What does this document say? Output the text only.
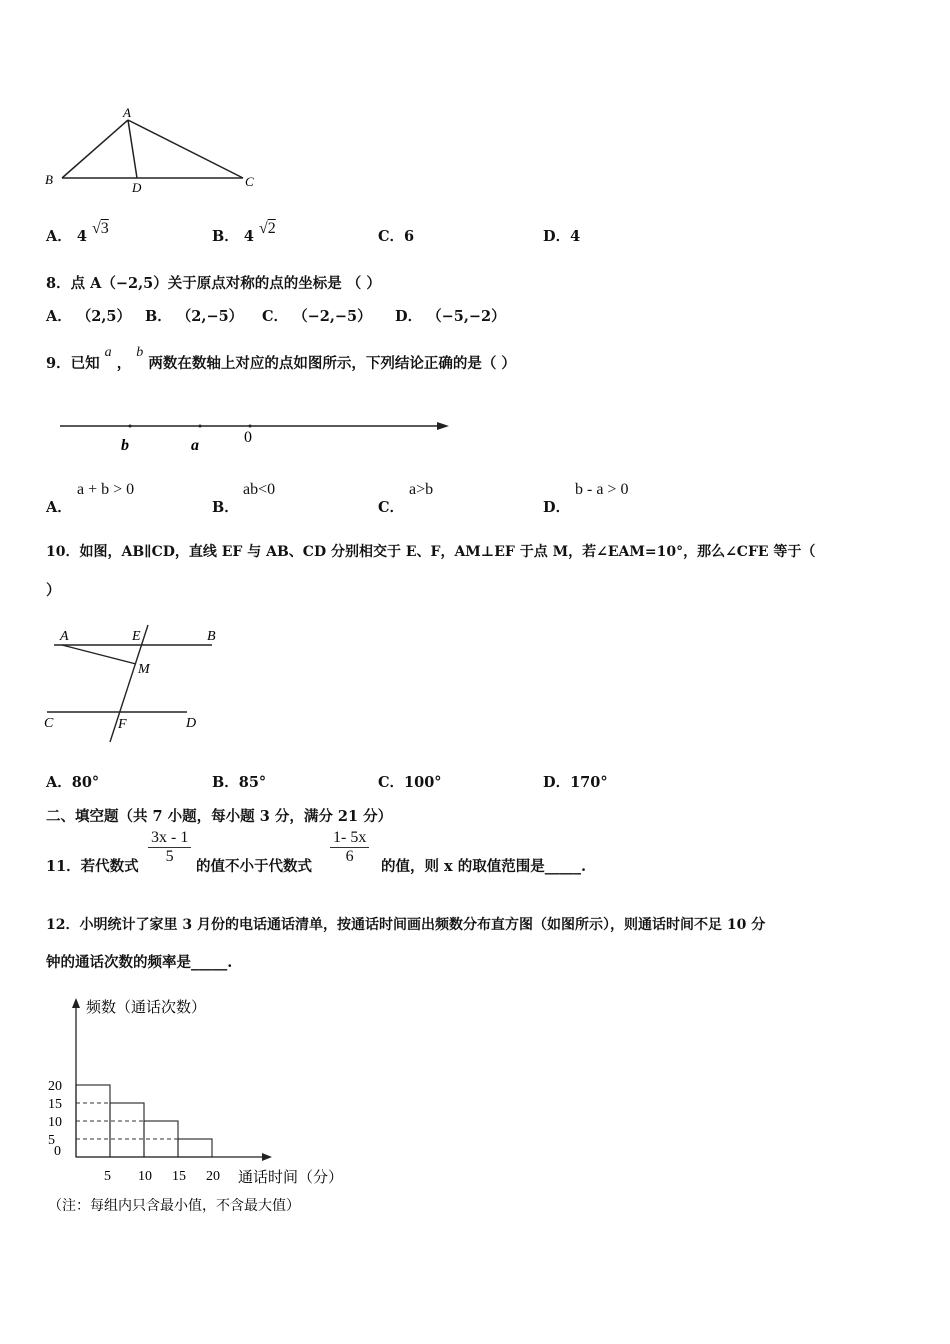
A
B
D	C
A． 4 √3	B． 4 √2	C．6	D．4
8．点 A（−2,5）关于原点对称的点的坐标是 （ ）
A． （2,5） B． （2,−5） C． （−2,−5） D． （−5,−2）
9．已知 a ， b 两数在数轴上对应的点如图所示，下列结论正确的是（ ）
b	a	0
A．
a + b > 0
B．
ab<0
C．
a>b
D．
b - a > 0
10．如图，AB∥CD，直线 EF 与 AB、CD 分别相交于 E、F，AM⊥EF 于点 M，若∠EAM=10°，那么∠CFE 等于（
）
A	E	B
M
C	F	D
A．80°	B．85°	C．100°	D．170°
二、填空题（共 7 小题，每小题 3 分，满分 21 分）
11．若代数式
$\frac{3x - 1}{5}$
的值不小于代数式
$\frac{1- 5x}{6}$
的值，则 x 的取值范围是_____.
12．小明统计了家里 3 月份的电话通话清单，按通话时间画出频数分布直方图（如图所示），则通话时间不足 10 分
钟的通话次数的频率是_____.
频数（通话次数）
0
5
10
15
20
5 10 15 20 通话时间（分）
（注：每组内只含最小值，不含最大值）
